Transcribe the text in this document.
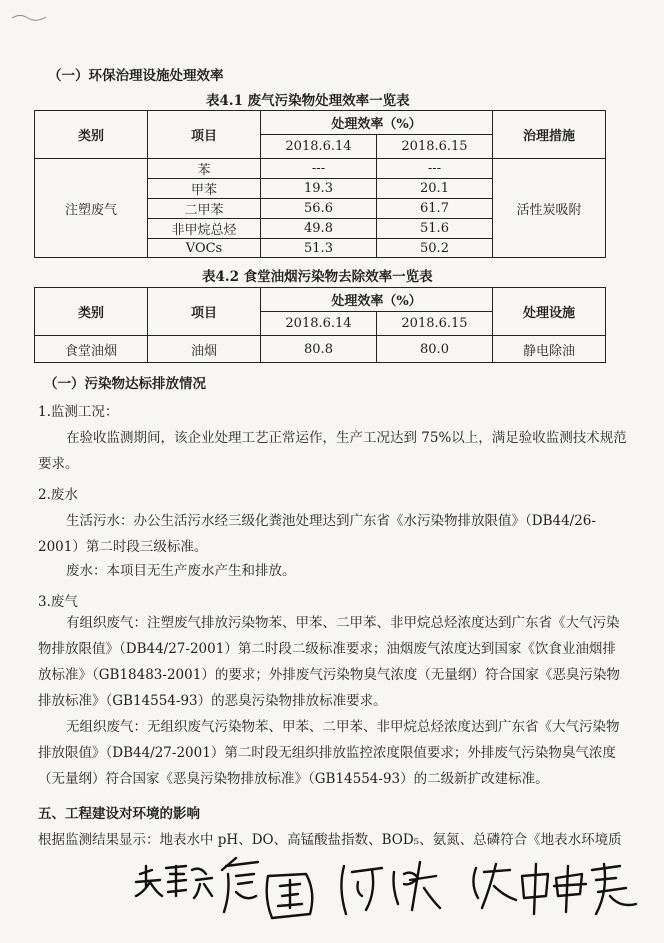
（一）环保治理设施处理效率
表4.1 废气污染物处理效率一览表
类别	项目	处理效率（%）		治理措施
		2018.6.14	2018.6.15	
注塑废气	苯	---	---	活性炭吸附
	甲苯	19.3	20.1	
	二甲苯	56.6	61.7	
	非甲烷总烃	49.8	51.6	
	VOCs	51.3	50.2	
表4.2 食堂油烟污染物去除效率一览表
类别	项目	处理效率（%）		处理设施
		2018.6.14	2018.6.15	
食堂油烟	油烟	80.8	80.0	静电除油
（一）污染物达标排放情况
1.监测工况：
在验收监测期间，该企业处理工艺正常运作，生产工况达到 75%以上，满足验收监测技术规范要求。
2.废水
生活污水：办公生活污水经三级化粪池处理达到广东省《水污染物排放限值》（DB44/26-2001）第二时段三级标准。
废水：本项目无生产废水产生和排放。
3.废气
有组织废气：注塑废气排放污染物苯、甲苯、二甲苯、非甲烷总烃浓度达到广东省《大气污染物排放限值》（DB44/27-2001）第二时段二级标准要求；油烟废气浓度达到国家《饮食业油烟排放标准》（GB18483-2001）的要求；外排废气污染物臭气浓度（无量纲）符合国家《恶臭污染物排放标准》（GB14554-93）的恶臭污染物排放标准要求。
无组织废气：无组织废气污染物苯、甲苯、二甲苯、非甲烷总烃浓度达到广东省《大气污染物排放限值》（DB44/27-2001）第二时段无组织排放监控浓度限值要求；外排废气污染物臭气浓度（无量纲）符合国家《恶臭污染物排放标准》（GB14554-93）的二级新扩改建标准。
五、工程建设对环境的影响
根据监测结果显示：地表水中 pH、DO、高锰酸盐指数、BOD₅、氨氮、总磷符合《地表水环境质
